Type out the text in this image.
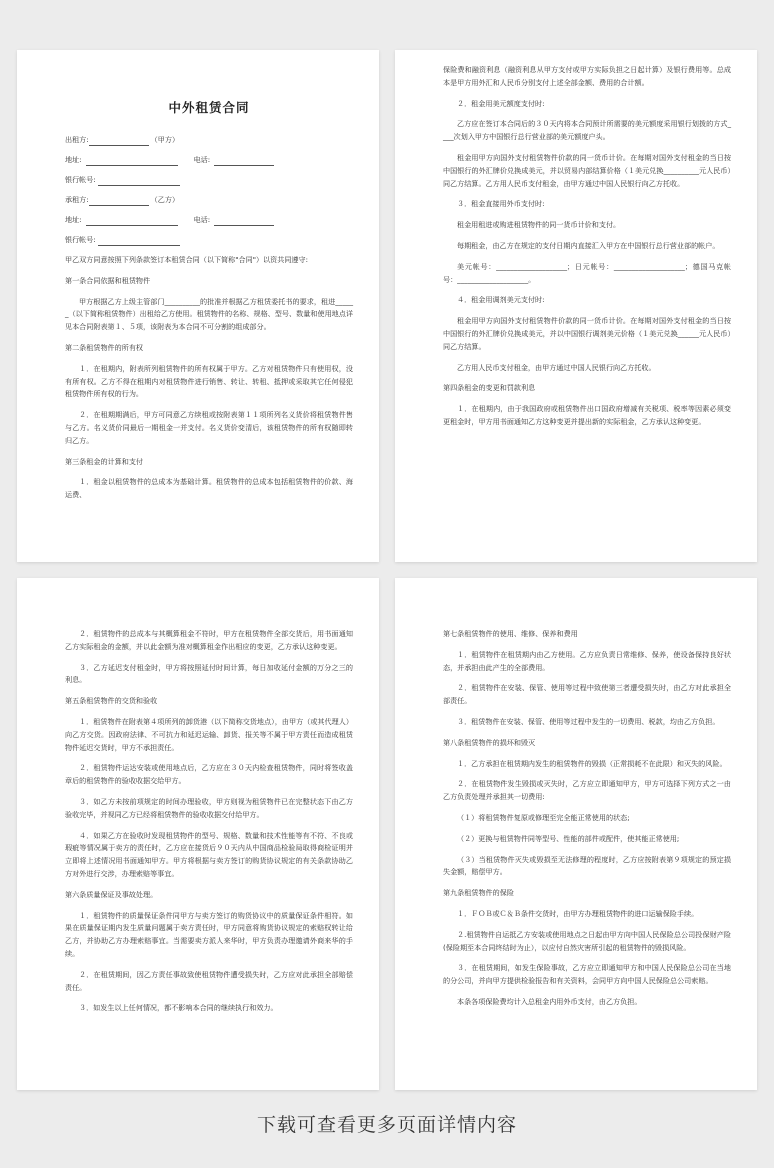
中外租赁合同
出租方:	（甲方）
地址:	电话:
银行帐号:
承租方:	（乙方）
地址:	电话:
银行帐号:

甲乙双方同意按照下列条款签订本租赁合同（以下简称"合同"）以资共同遵守:

第一条合同依据和租赁物件

甲方根据乙方上级主管部门__________的批准并根据乙方租赁委托书的要求，租进______（以下简称租赁物件）出租给乙方使用。租赁物件的名称、规格、型号、数量和使用地点详见本合同附表第１、５项，该附表为本合同不可分割的组成部分。

第二条租赁物件的所有权

１．在租期内，附表所列租赁物件的所有权属于甲方。乙方对租赁物件只有使用权，没有所有权。乙方不得在租期内对租赁物件进行销售、转让、转租、抵押或采取其它任何侵犯租赁物件所有权的行为。

２．在租期期满后，甲方可同意乙方续租或按附表第１１项所列名义货价将租赁物件售与乙方。名义货价同最后一期租金一并支付。名义货价变清后，该租赁物件的所有权随即转归乙方。

第三条租金的计算和支付

１．租金以租赁物件的总成本为基础计算。租赁物件的总成本包括租赁物件的价款、海运费、

保险费和融资利息（融资利息从甲方支付或甲方实际负担之日起计算）及银行费用等。总成本是甲方用外汇和人民币分别支付上述全部金额、费用的合计额。

２．租金用美元额度支付时:

乙方应在签订本合同后的３０天内将本合同预计所需要的美元额度采用银行划拨的方式____次划入甲方中国银行总行营业部的美元额度户头。

租金用甲方向国外支付租赁物件价款的同一货币计价。在每期对国外支付租金的当日按中国银行的外汇牌价兑换成美元，并以贸易内部结算价格（１美元兑换__________元人民币）同乙方结算。乙方用人民币支付租金，由甲方通过中国人民银行向乙方托收。

３．租金直接用外币支付时:

租金用租进或购进租赁物件的同一货币计价和支付。

每期租金，由乙方在规定的支付日期内直接汇入甲方在中国银行总行营业部的帐户。

美元帐号：____________________；日元帐号：____________________；德国马克帐号：____________________。

４．租金用调剂美元支付时:

租金用甲方向国外支付租赁物件价款的同一货币计价。在每期对国外支付租金的当日按中国银行的外汇牌价兑换成美元，并以中国银行调剂美元价格（１美元兑换______元人民币）同乙方结算。

乙方用人民币支付租金，由甲方通过中国人民银行向乙方托收。

第四条租金的变更和罚款利息

１．在租期内，由于我国政府或租赁物件出口国政府增减有关税项、税率等因素必须变更租金时，甲方用书面通知乙方这种变更并提出新的实际租金，乙方承认这种变更。

２．租赁物件的总成本与其概算租金不符时，甲方在租赁物件全部交货后，用书面通知乙方实际租金的金额，并以此金额为准对概算租金作出相应的变更，乙方承认这种变更。

３．乙方延迟支付租金时，甲方将按照延付时间计算，每日加收延付金额的万分之三的利息。

第五条租赁物件的交货和验收

１．租赁物件在附表第４项所列的卸货港（以下简称交货地点），由甲方（或其代理人）向乙方交货。因政府法律、不可抗力和延迟运输、卸货、报关等不属于甲方责任而造成租赁物件延迟交货时，甲方不承担责任。

２．租赁物件运达安装或使用地点后，乙方应在３０天内检查租赁物件，同时将签收盖章后的租赁物件的验收收据交给甲方。

３．如乙方未按前项规定的时间办理验收，甲方则视为租赁物件已在完整状态下由乙方验收完毕，并视同乙方已经将租赁物件的验收收据交付给甲方。

４．如果乙方在验收时发现租赁物件的型号、规格、数量和技术性能等有不符、不良或瑕疵等情况属于卖方的责任时，乙方应在接货后９０天内从中国商品检验局取得商检证明并立即将上述情况用书面通知甲方。甲方将根据与卖方签订的购货协议规定的有关条款协助乙方对外进行交涉，办理索赔等事宜。

第六条质量保证及事故处理。

１．租赁物件的质量保证条件同甲方与卖方签订的购货协议中的质量保证条件相符。如果在质量保证期内发生质量问题属于卖方责任时，甲方同意将购货协议规定的索赔权转让给乙方，并协助乙方办理索赔事宜。当需要卖方派人来华时，甲方负责办理邀请外商来华的手续。

２．在租赁期间，因乙方责任事故致使租赁物件遭受损失时，乙方应对此承担全部赔偿责任。

３．如发生以上任何情况，都不影响本合同的继续执行和效力。

第七条租赁物件的使用、维修、保养和费用

１．租赁物件在租赁期内由乙方使用。乙方应负责日常维修、保养，使设备保持良好状态，并承担由此产生的全部费用。

２．租赁物件在安装、保管、使用等过程中致使第三者遭受损失时，由乙方对此承担全部责任。

３．租赁物件在安装、保管、使用等过程中发生的一切费用、税款，均由乙方负担。

第八条租赁物件的损坏和毁灭

１．乙方承担在租赁期内发生的租赁物件的毁损（正常损耗不在此限）和灭失的风险。

２．在租赁物件发生毁损或灭失时，乙方应立即通知甲方，甲方可选择下列方式之一由乙方负责处理并承担其一切费用:

（１）将租赁物件复原或修理至完全能正常使用的状态;

（２）更换与租赁物件同等型号、性能的部件或配件，使其能正常使用;

（３）当租赁物件灭失或毁损至无法修理的程度时，乙方应按附表第９项规定的预定损失金额，赔偿甲方。

第九条租赁物件的保险

１．ＦＯＢ或Ｃ＆Ｂ条件交货时，由甲方办理租赁物件的进口运输保险手续。

２.租赁物件自运抵乙方安装或使用地点之日起由甲方向中国人民保险总公司投保财产险(保险期至本合同终结时为止），以应付自然灾害所引起的租赁物件的毁损风险。

３．在租赁期间，如发生保险事故，乙方应立即通知甲方和中国人民保险总公司在当地的分公司，并向甲方提供检验报告和有关资料，会同甲方向中国人民保险总公司索赔。

本条各项保险费均计入总租金内用外币支付，由乙方负担。

下载可查看更多页面详情内容
